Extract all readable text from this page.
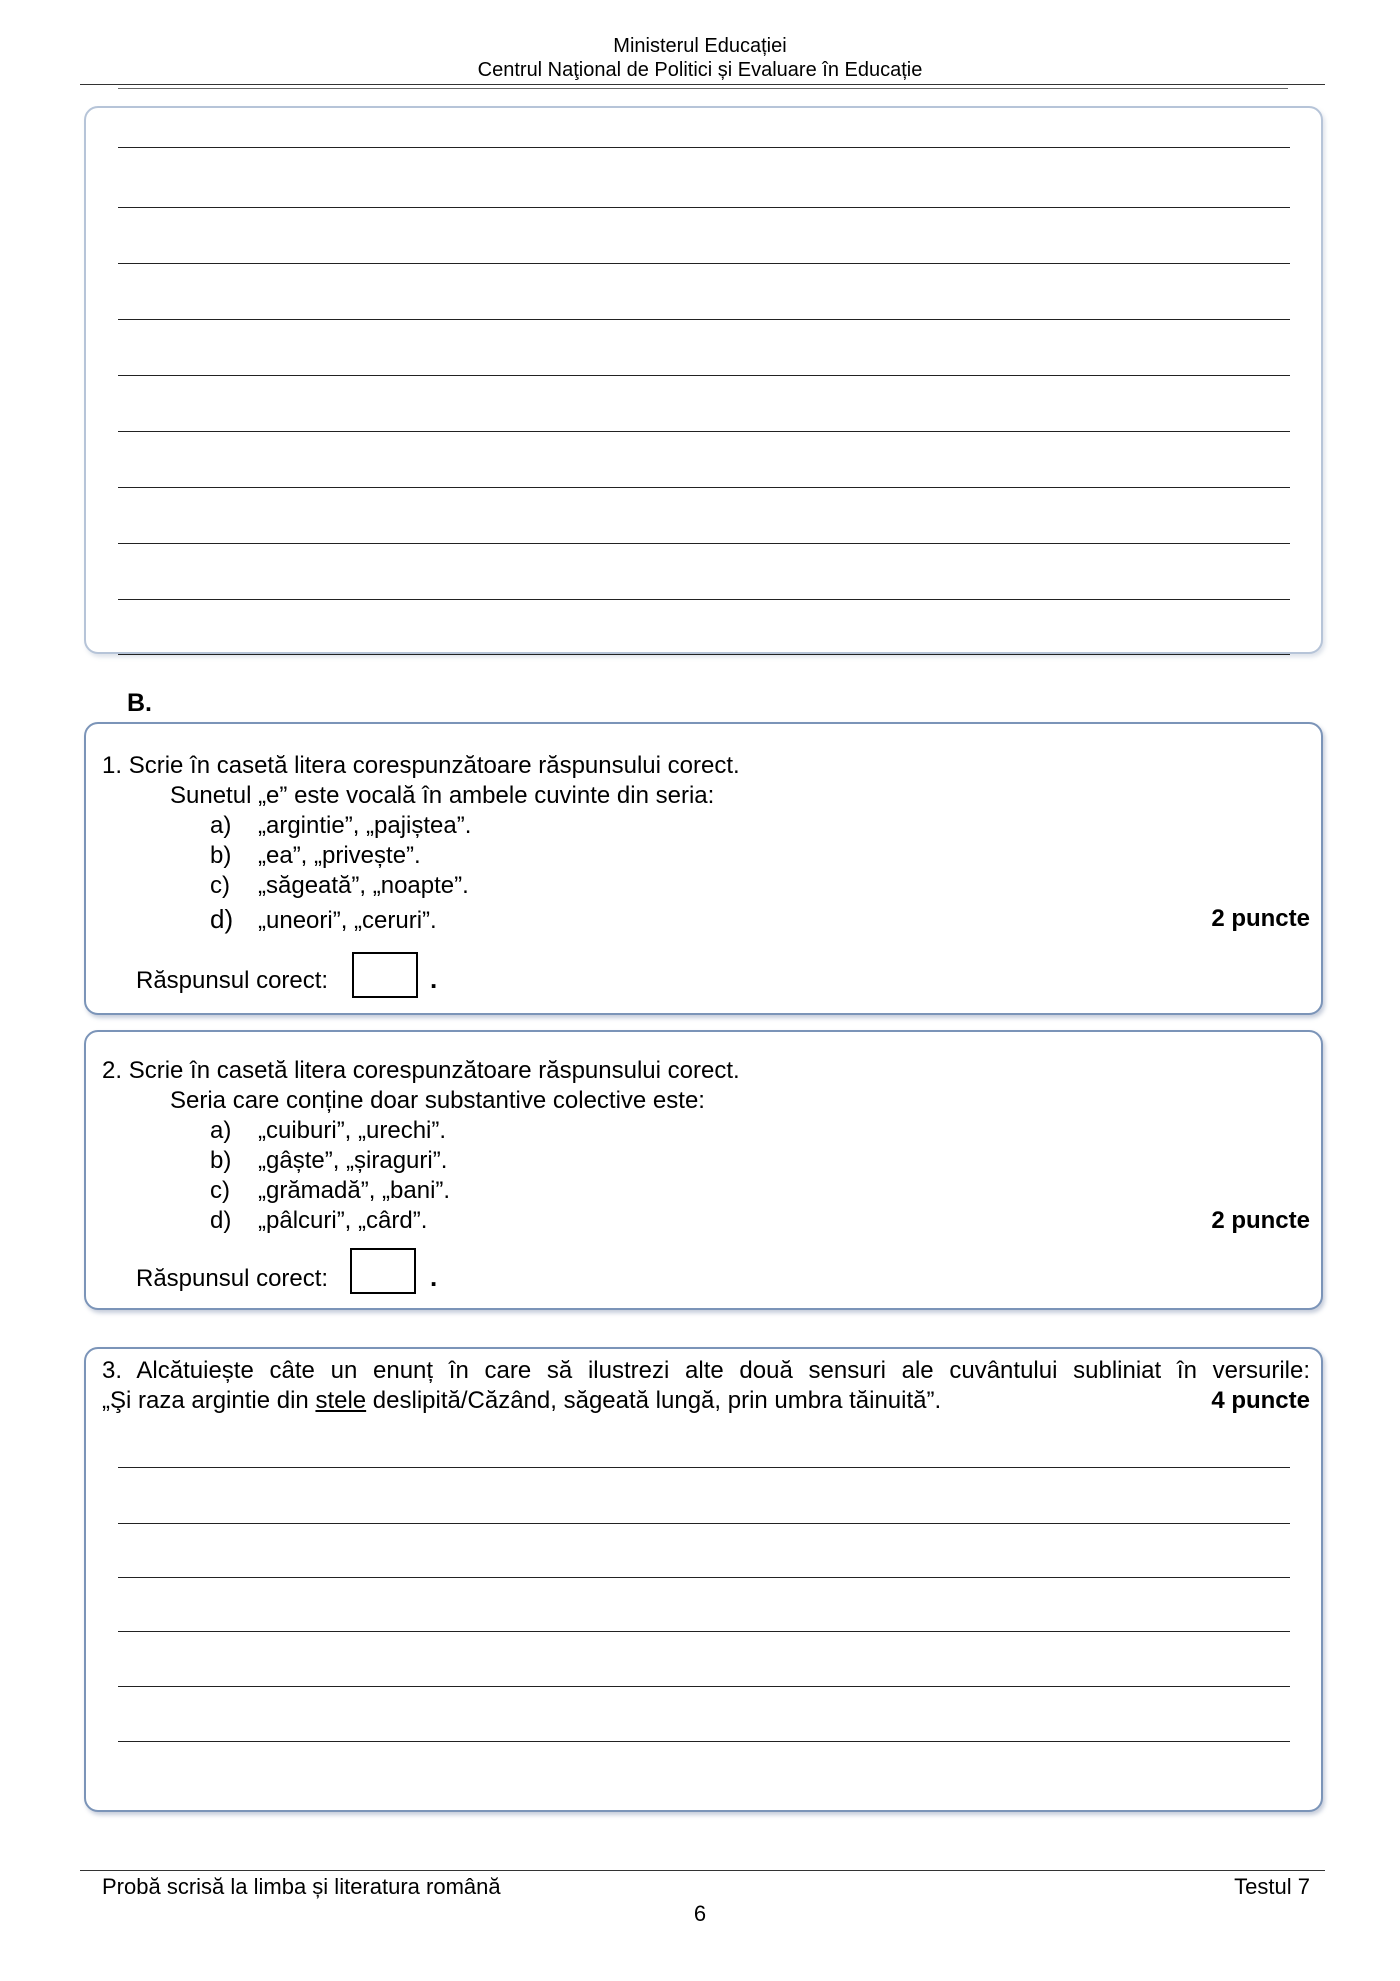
Ministerul Educației
Centrul Naţional de Politici și Evaluare în Educație
B.
1. Scrie în casetă litera corespunzătoare răspunsului corect.
Sunetul „e” este vocală în ambele cuvinte din seria:
a) „argintie”, „pajiștea”.
b) „ea”, „privește”.
c) „săgeată”, „noapte”.
d) „uneori”, „ceruri”.	2 puncte
Răspunsul corect:	.
2. Scrie în casetă litera corespunzătoare răspunsului corect.
Seria care conține doar substantive colective este:
a) „cuiburi”, „urechi”.
b) „gâște”, „șiraguri”.
c) „grămadă”, „bani”.
d) „pâlcuri”, „cârd”.	2 puncte
Răspunsul corect:	.
3. Alcătuiește câte un enunț în care să ilustrezi alte două sensuri ale cuvântului subliniat în versurile:
„Şi raza argintie din stele deslipită/Căzând, săgeată lungă, prin umbra tăinuită”.	4 puncte
Probă scrisă la limba și literatura română	Testul 7
6
